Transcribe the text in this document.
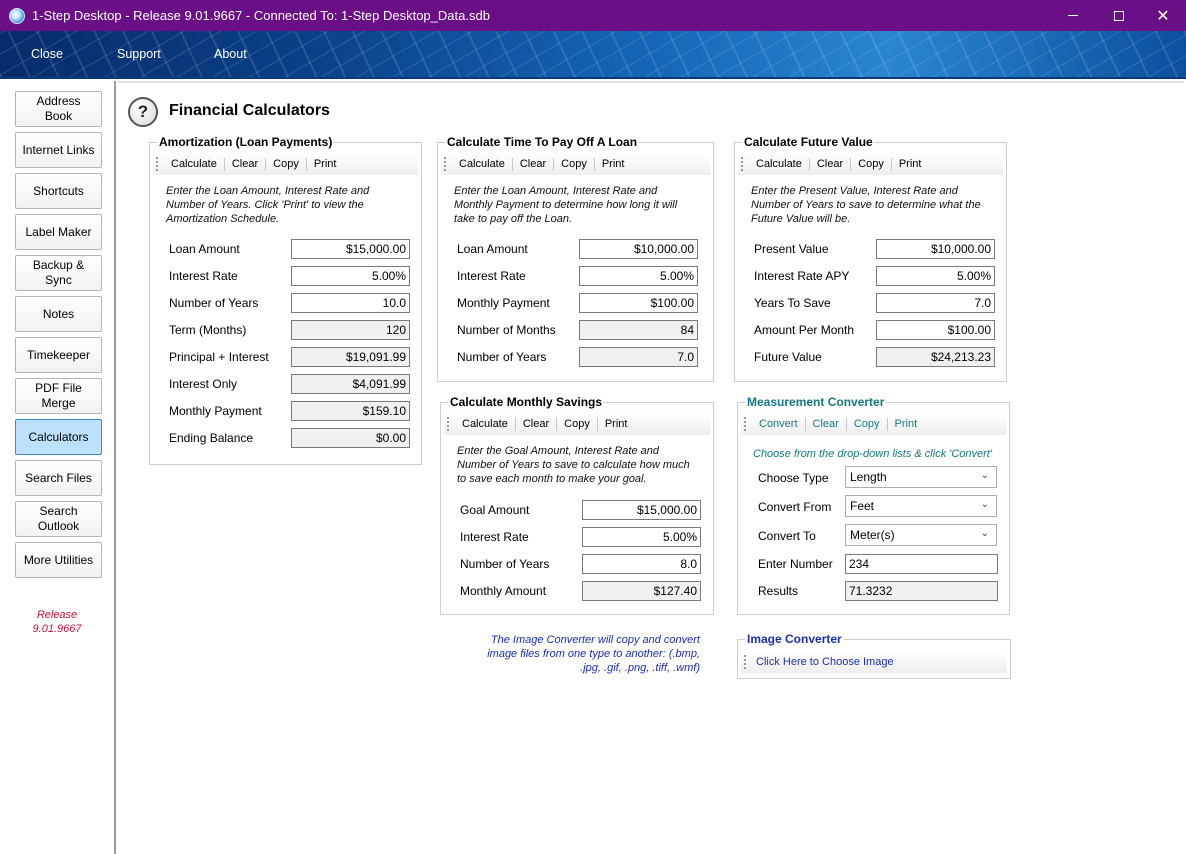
1-Step Desktop - Release 9.01.9667 - Connected To: 1-Step Desktop_Data.sdb	✕
Close	Support	About
Address
Book
Internet Links
Shortcuts
Label Maker
Backup &
Sync
Notes
Timekeeper
PDF File
Merge
Calculators
Search Files
Search
Outlook
More Utilities
Release
9.01.9667
?	Financial Calculators
Amortization (Loan Payments)
Calculate	Clear	Copy	Print
Enter the Loan Amount, Interest Rate and Number of Years. Click 'Print' to view the Amortization Schedule.
Loan Amount	$15,000.00
Interest Rate	5.00%
Number of Years	10.0
Term (Months)	120
Principal + Interest	$19,091.99
Interest Only	$4,091.99
Monthly Payment	$159.10
Ending Balance	$0.00
Calculate Time To Pay Off A Loan
Calculate	Clear	Copy	Print
Enter the Loan Amount, Interest Rate and Monthly Payment to determine how long it will take to pay off the Loan.
Loan Amount	$10,000.00
Interest Rate	5.00%
Monthly Payment	$100.00
Number of Months	84
Number of Years	7.0
Calculate Future Value
Calculate	Clear	Copy	Print
Enter the Present Value, Interest Rate and Number of Years to save to determine what the Future Value will be.
Present Value	$10,000.00
Interest Rate APY	5.00%
Years To Save	7.0
Amount Per Month	$100.00
Future Value	$24,213.23
Calculate Monthly Savings
Calculate	Clear	Copy	Print
Enter the Goal Amount, Interest Rate and Number of Years to save to calculate how much to save each month to make your goal.
Goal Amount	$15,000.00
Interest Rate	5.00%
Number of Years	8.0
Monthly Amount	$127.40
Measurement Converter
Convert	Clear	Copy	Print
Choose from the drop-down lists & click 'Convert'
Choose Type	Length	⌄
Convert From	Feet	⌄
Convert To	Meter(s)	⌄
Enter Number	234
Results	71.3232
The Image Converter will copy and convert image files from one type to another: (.bmp, .jpg, .gif, .png, .tiff, .wmf)
Image Converter
Click Here to Choose Image
